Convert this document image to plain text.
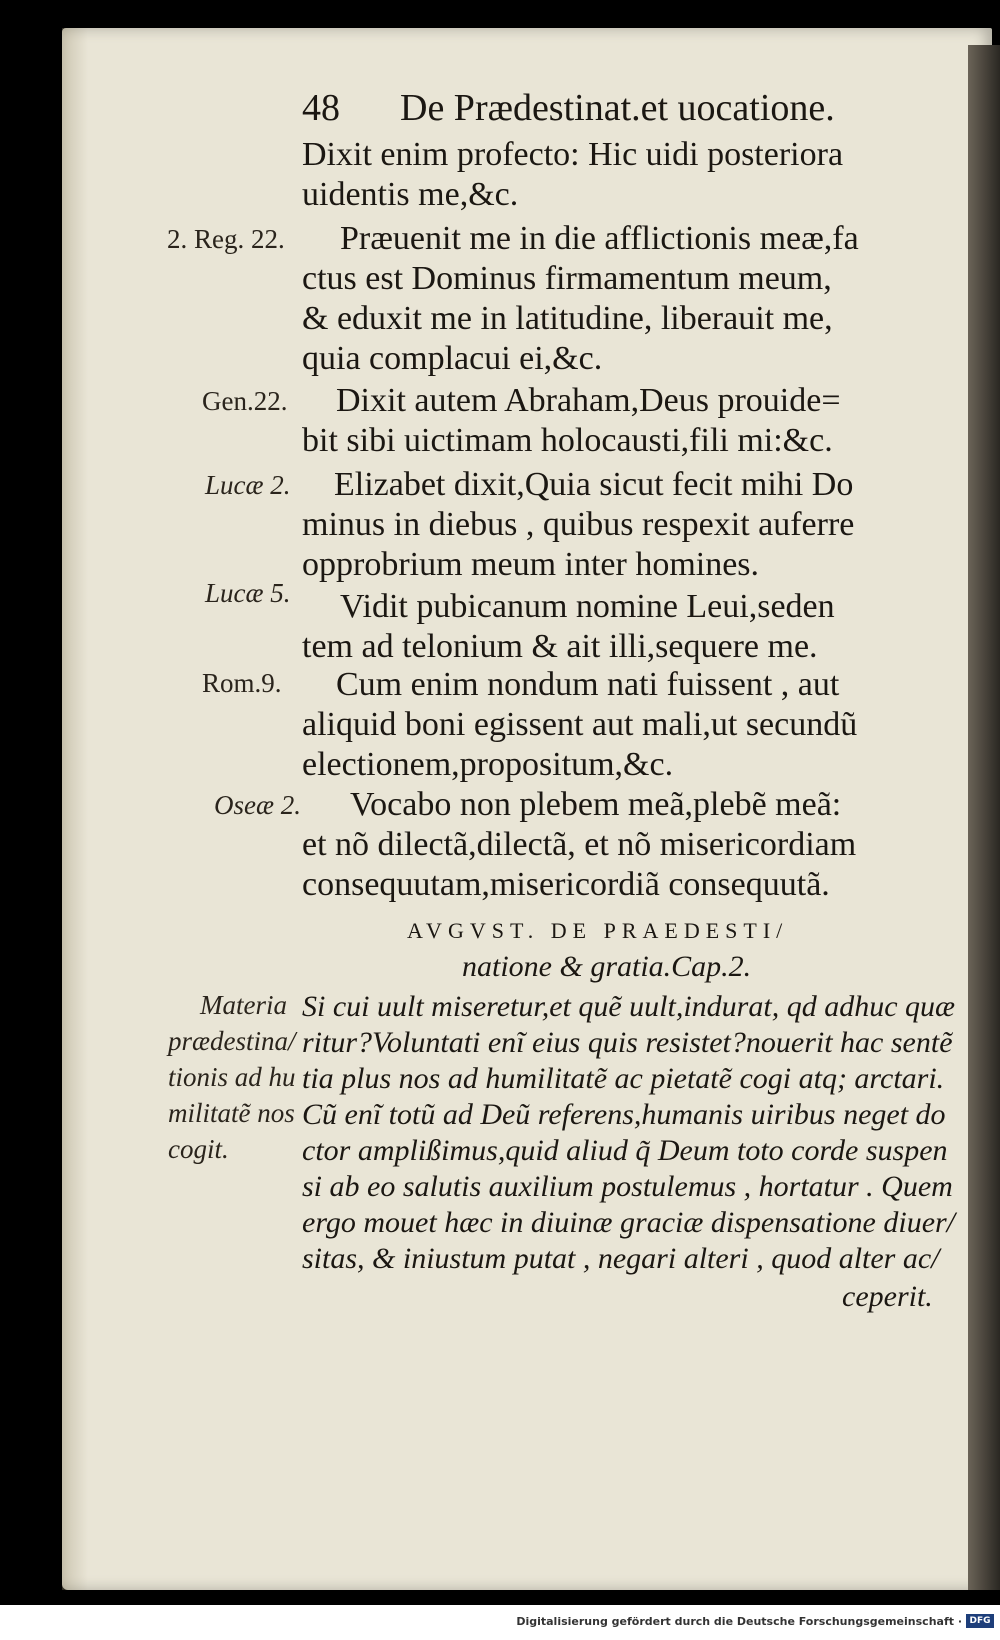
48 De Prædestinat.et uocatione.
Dixit enim profecto: Hic uidi posteriora
uidentis me,&c.
2. Reg. 22. Præuenit me in die afflictionis meæ,fa
ctus est Dominus firmamentum meum,
& eduxit me in latitudine, liberauit me,
quia complacui ei,&c.
Gen.22. Dixit autem Abraham,Deus prouide=
bit sibi uictimam holocausti,fili mi:&c.
Lucæ 2. Elizabet dixit,Quia sicut fecit mihi Do
minus in diebus , quibus respexit auferre
opprobrium meum inter homines.
Lucæ 5. Vidit pubicanum nomine Leui,seden
tem ad telonium & ait illi,sequere me.
Rom.9. Cum enim nondum nati fuissent , aut
aliquid boni egissent aut mali,ut secundũ
electionem,propositum,&c.
Oseæ 2. Vocabo non plebem meã,plebẽ meã:
et nõ dilectã,dilectã, et nõ misericordiam
consequutam,misericordiã consequutã.
AVGVST. DE PRAEDESTI/
natione & gratia.Cap.2.
Materia
prædestina/
tionis ad hu
militatẽ nos
cogit.
Si cui uult miseretur,et quẽ uult,indurat, qd adhuc quæ
ritur?Voluntati enĩ eius quis resistet?nouerit hac sentẽ
tia plus nos ad humilitatẽ ac pietatẽ cogi atq; arctari.
Cũ enĩ totũ ad Deũ referens,humanis uiribus neget do
ctor amplißimus,quid aliud q̃ Deum toto corde suspen
si ab eo salutis auxilium postulemus , hortatur . Quem
ergo mouet hæc in diuinæ graciæ dispensatione diuer/
sitas, & iniustum putat , negari alteri , quod alter ac/
ceperit.
Digitalisierung gefördert durch die Deutsche Forschungsgemeinschaft · DFG
